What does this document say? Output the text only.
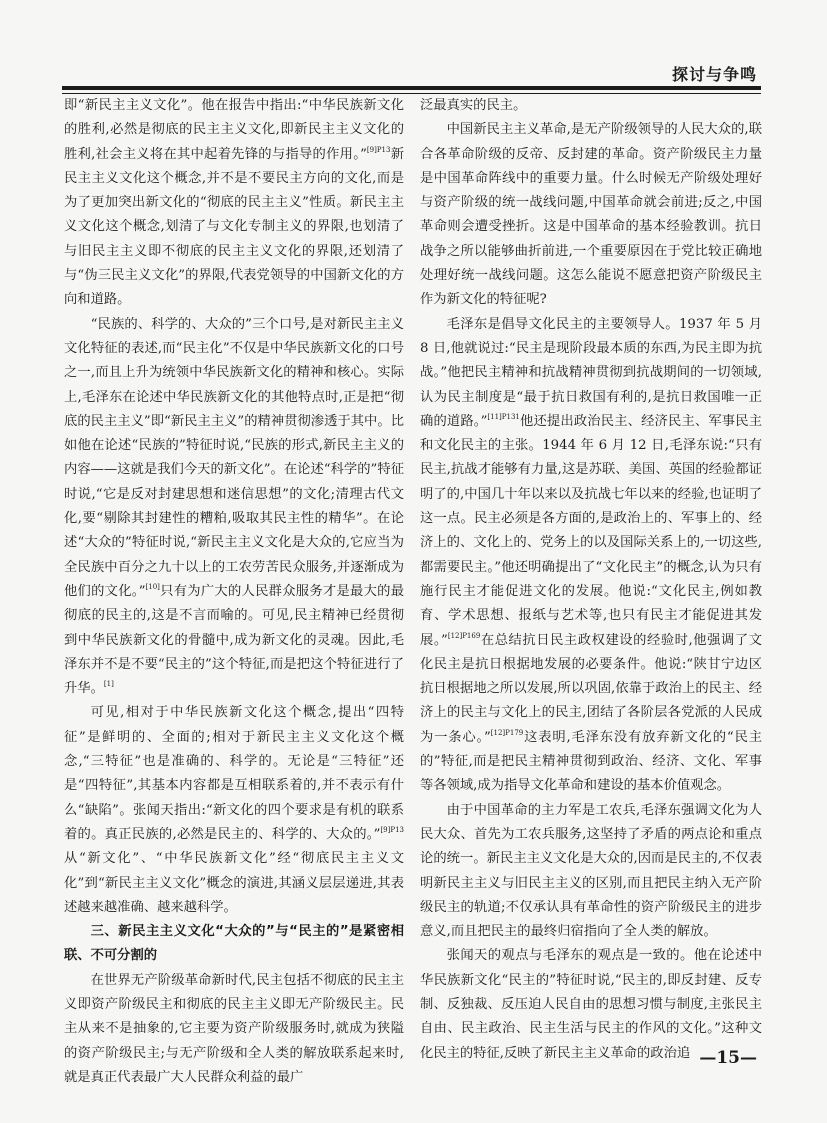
探讨与争鸣

即“新民主主义文化”。他在报告中指出:“中华民族新文化的胜利,必然是彻底的民主主义文化,即新民主主义文化的胜利,社会主义将在其中起着先锋的与指导的作用。”$^{[9]P13}$新民主主义文化这个概念,并不是不要民主方向的文化,而是为了更加突出新文化的“彻底的民主主义”性质。新民主主义文化这个概念,划清了与文化专制主义的界限,也划清了与旧民主主义即不彻底的民主主义文化的界限,还划清了与“伪三民主义文化”的界限,代表党领导的中国新文化的方向和道路。

“民族的、科学的、大众的”三个口号,是对新民主主义文化特征的表述,而“民主化”不仅是中华民族新文化的口号之一,而且上升为统领中华民族新文化的精神和核心。实际上,毛泽东在论述中华民族新文化的其他特点时,正是把“彻底的民主主义”即“新民主主义”的精神贯彻渗透于其中。比如他在论述“民族的”特征时说,“民族的形式,新民主主义的内容——这就是我们今天的新文化”。在论述“科学的”特征时说,“它是反对封建思想和迷信思想”的文化;清理古代文化,要“剔除其封建性的糟粕,吸取其民主性的精华”。在论述“大众的”特征时说,“新民主主义文化是大众的,它应当为全民族中百分之九十以上的工农劳苦民众服务,并逐渐成为他们的文化。”[10]只有为广大的人民群众服务才是最大的最彻底的民主的,这是不言而喻的。可见,民主精神已经贯彻到中华民族新文化的骨髓中,成为新文化的灵魂。因此,毛泽东并不是不要“民主的”这个特征,而是把这个特征进行了升华。[1]

可见,相对于中华民族新文化这个概念,提出“四特征”是鲜明的、全面的;相对于新民主主义文化这个概念,“三特征”也是准确的、科学的。无论是“三特征”还是“四特征”,其基本内容都是互相联系着的,并不表示有什么“缺陷”。张闻天指出:“新文化的四个要求是有机的联系着的。真正民族的,必然是民主的、科学的、大众的。”$^{[9]P13}$从“新文化”、“中华民族新文化”经“彻底民主主义文化”到“新民主主义文化”概念的演进,其涵义层层递进,其表述越来越准确、越来越科学。

三、新民主主义文化“大众的”与“民主的”是紧密相联、不可分割的

在世界无产阶级革命新时代,民主包括不彻底的民主主义即资产阶级民主和彻底的民主主义即无产阶级民主。民主从来不是抽象的,它主要为资产阶级服务时,就成为狭隘的资产阶级民主;与无产阶级和全人类的解放联系起来时,就是真正代表最广大人民群众利益的最广

泛最真实的民主。

中国新民主主义革命,是无产阶级领导的人民大众的,联合各革命阶级的反帝、反封建的革命。资产阶级民主力量是中国革命阵线中的重要力量。什么时候无产阶级处理好与资产阶级的统一战线问题,中国革命就会前进;反之,中国革命则会遭受挫折。这是中国革命的基本经验教训。抗日战争之所以能够曲折前进,一个重要原因在于党比较正确地处理好统一战线问题。这怎么能说不愿意把资产阶级民主作为新文化的特征呢?

毛泽东是倡导文化民主的主要领导人。1937 年 5 月 8 日,他就说过:“民主是现阶段最本质的东西,为民主即为抗战。”他把民主精神和抗战精神贯彻到抗战期间的一切领域,认为民主制度是“最于抗日救国有利的,是抗日救国唯一正确的道路。”$^{[11]P131}$他还提出政治民主、经济民主、军事民主和文化民主的主张。1944 年 6 月 12 日,毛泽东说:“只有民主,抗战才能够有力量,这是苏联、美国、英国的经验都证明了的,中国几十年以来以及抗战七年以来的经验,也证明了这一点。民主必须是各方面的,是政治上的、军事上的、经济上的、文化上的、党务上的以及国际关系上的,一切这些,都需要民主。”他还明确提出了“文化民主”的概念,认为只有施行民主才能促进文化的发展。他说:“文化民主,例如教育、学术思想、报纸与艺术等,也只有民主才能促进其发展。”$^{[12]P169}$在总结抗日民主政权建设的经验时,他强调了文化民主是抗日根据地发展的必要条件。他说:“陕甘宁边区抗日根据地之所以发展,所以巩固,依靠于政治上的民主、经济上的民主与文化上的民主,团结了各阶层各党派的人民成为一条心。”$^{[12]P179}$这表明,毛泽东没有放弃新文化的“民主的”特征,而是把民主精神贯彻到政治、经济、文化、军事等各领域,成为指导文化革命和建设的基本价值观念。

由于中国革命的主力军是工农兵,毛泽东强调文化为人民大众、首先为工农兵服务,这坚持了矛盾的两点论和重点论的统一。新民主主义文化是大众的,因而是民主的,不仅表明新民主主义与旧民主主义的区别,而且把民主纳入无产阶级民主的轨道;不仅承认具有革命性的资产阶级民主的进步意义,而且把民主的最终归宿指向了全人类的解放。

张闻天的观点与毛泽东的观点是一致的。他在论述中华民族新文化“民主的”特征时说,“民主的,即反封建、反专制、反独裁、反压迫人民自由的思想习惯与制度,主张民主自由、民主政治、民主生活与民主的作风的文化。”这种文化民主的特征,反映了新民主主义革命的政治追 —15—
